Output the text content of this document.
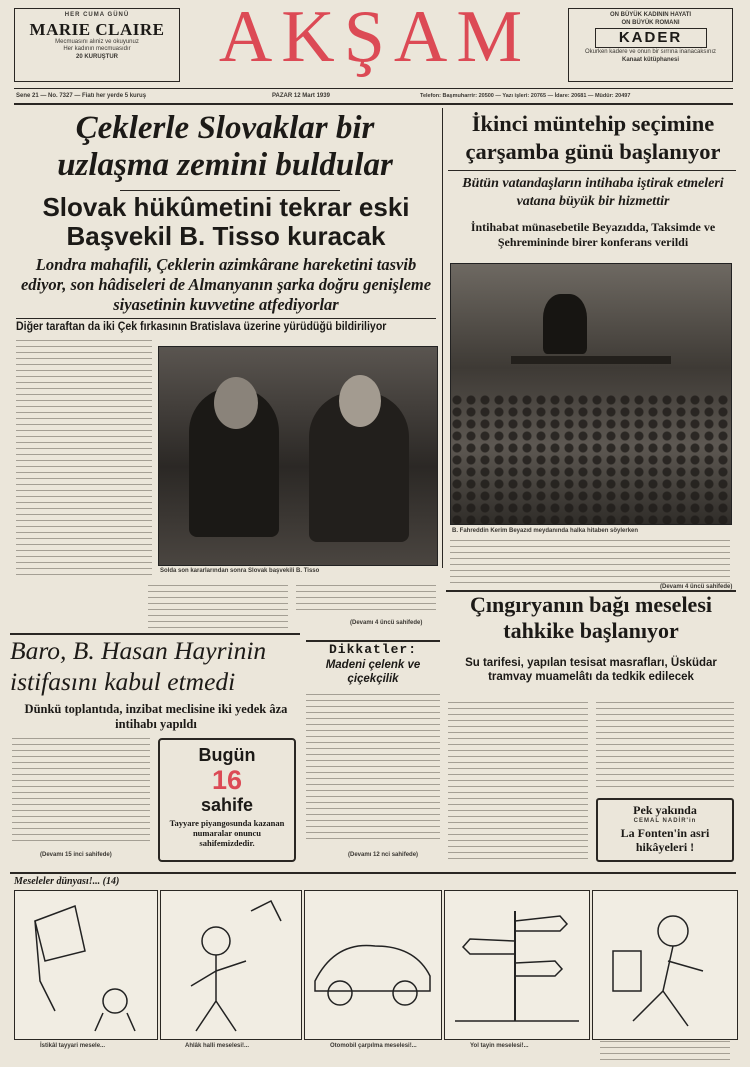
HER CUMA GÜNÜ
MARIE CLAIRE
Mecmuasını alıniz ve okuyunuz
Her kadının mecmuasıdır
20 KURUŞTUR	AKŞAM	ON BÜYÜK KADININ HAYATI
ON BÜYÜK ROMANI
KADER
Okurken kadere ve onun bir sırrına inanacaksınız
Kanaat kütüphanesi
Sene 21 — No. 7327 — Fiatı her yerde 5 kuruş	PAZAR 12 Mart 1939	Telefon: Başmuharrir: 20500 — Yazı işleri: 20765 — İdare: 20681 — Müdür: 20497
Çeklerle Slovaklar bir uzlaşma zemini buldular
Slovak hükûmetini tekrar eski Başvekil B. Tisso kuracak
Londra mahafili, Çeklerin azimkârane hareketini tasvib ediyor, son hâdiseleri de Almanyanın şarka doğru genişleme siyasetinin kuvvetine atfediyorlar
Diğer taraftan da iki Çek fırkasının Bratislava üzerine yürüdüğü bildiriliyor
Solda son kararlarından sonra Slovak başvekili B. Tisso
(Devamı 4 üncü sahifede)
İkinci müntehip seçimine çarşamba günü başlanıyor
Bütün vatandaşların intihaba iştirak etmeleri vatana büyük bir hizmettir
İntihabat münasebetile Beyazıdda, Taksimde ve Şehremininde birer konferans verildi
B. Fahreddin Kerim Beyazıd meydanında halka hitaben söylerken
(Devamı 4 üncü sahifede)
Baro, B. Hasan Hayrinin istifasını kabul etmedi
Dünkü toplantıda, inzibat meclisine iki yedek âza intihabı yapıldı
(Devamı 15 inci sahifede)
Bugün
16
sahife
Tayyare piyangosunda kazanan numaralar onuncu sahifemizdedir.
Dikkatler:
Madeni çelenk ve çiçekçilik
(Devamı 12 nci sahifede)
Çıngıryanın bağı meselesi tahkike başlanıyor
Su tarifesi, yapılan tesisat masrafları, Üsküdar tramvay muamelâtı da tedkik edilecek
Pek yakında
CEMAL NADİR'in
La Fonten'in asri hikâyeleri !
Meseleler dünyası!... (14)
İstikâl tayyari mesele...	Ahlâk halli meselesi!...	Otomobil çarpılma meselesi!...	Yol tayin meselesi!...
